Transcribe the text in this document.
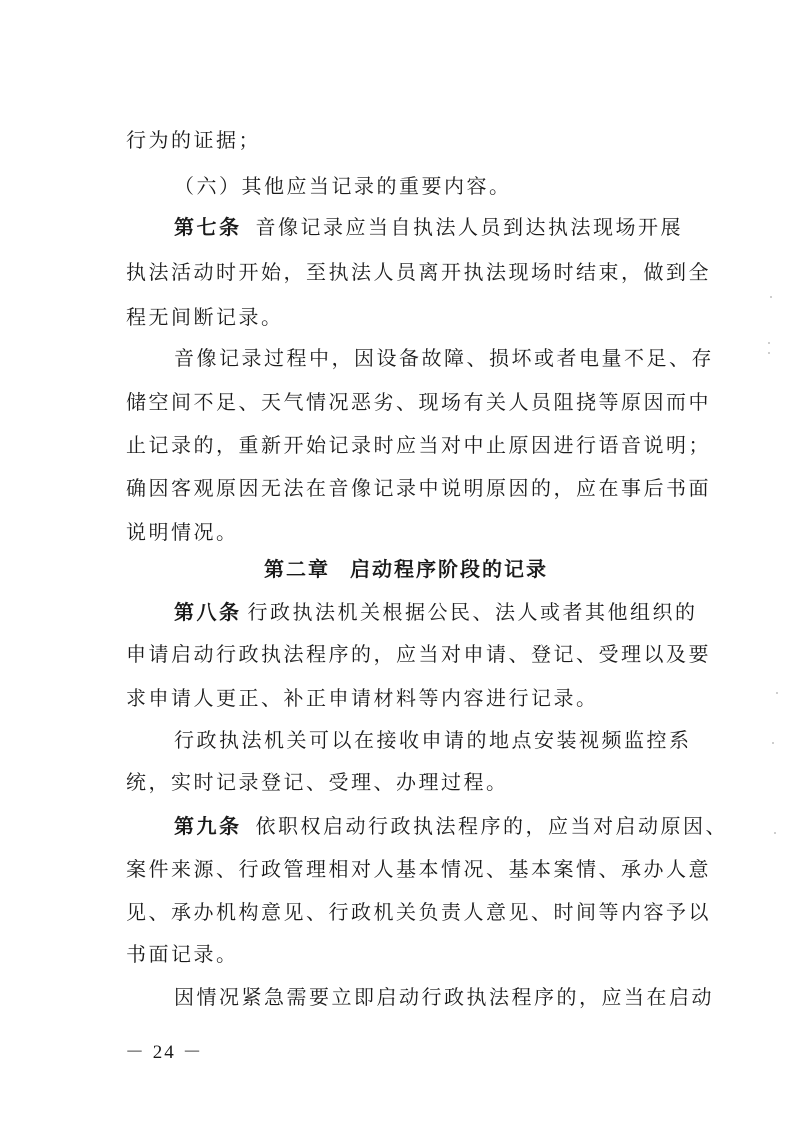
行为的证据；
（六）其他应当记录的重要内容。
第七条 音像记录应当自执法人员到达执法现场开展
执法活动时开始，至执法人员离开执法现场时结束，做到全
程无间断记录。
音像记录过程中，因设备故障、损坏或者电量不足、存
储空间不足、天气情况恶劣、现场有关人员阻挠等原因而中
止记录的，重新开始记录时应当对中止原因进行语音说明；
确因客观原因无法在音像记录中说明原因的，应在事后书面
说明情况。
第二章 启动程序阶段的记录
第八条 行政执法机关根据公民、法人或者其他组织的
申请启动行政执法程序的，应当对申请、登记、受理以及要
求申请人更正、补正申请材料等内容进行记录。
行政执法机关可以在接收申请的地点安装视频监控系
统，实时记录登记、受理、办理过程。
第九条 依职权启动行政执法程序的，应当对启动原因、
案件来源、行政管理相对人基本情况、基本案情、承办人意
见、承办机构意见、行政机关负责人意见、时间等内容予以
书面记录。
因情况紧急需要立即启动行政执法程序的，应当在启动
－ 24 －
